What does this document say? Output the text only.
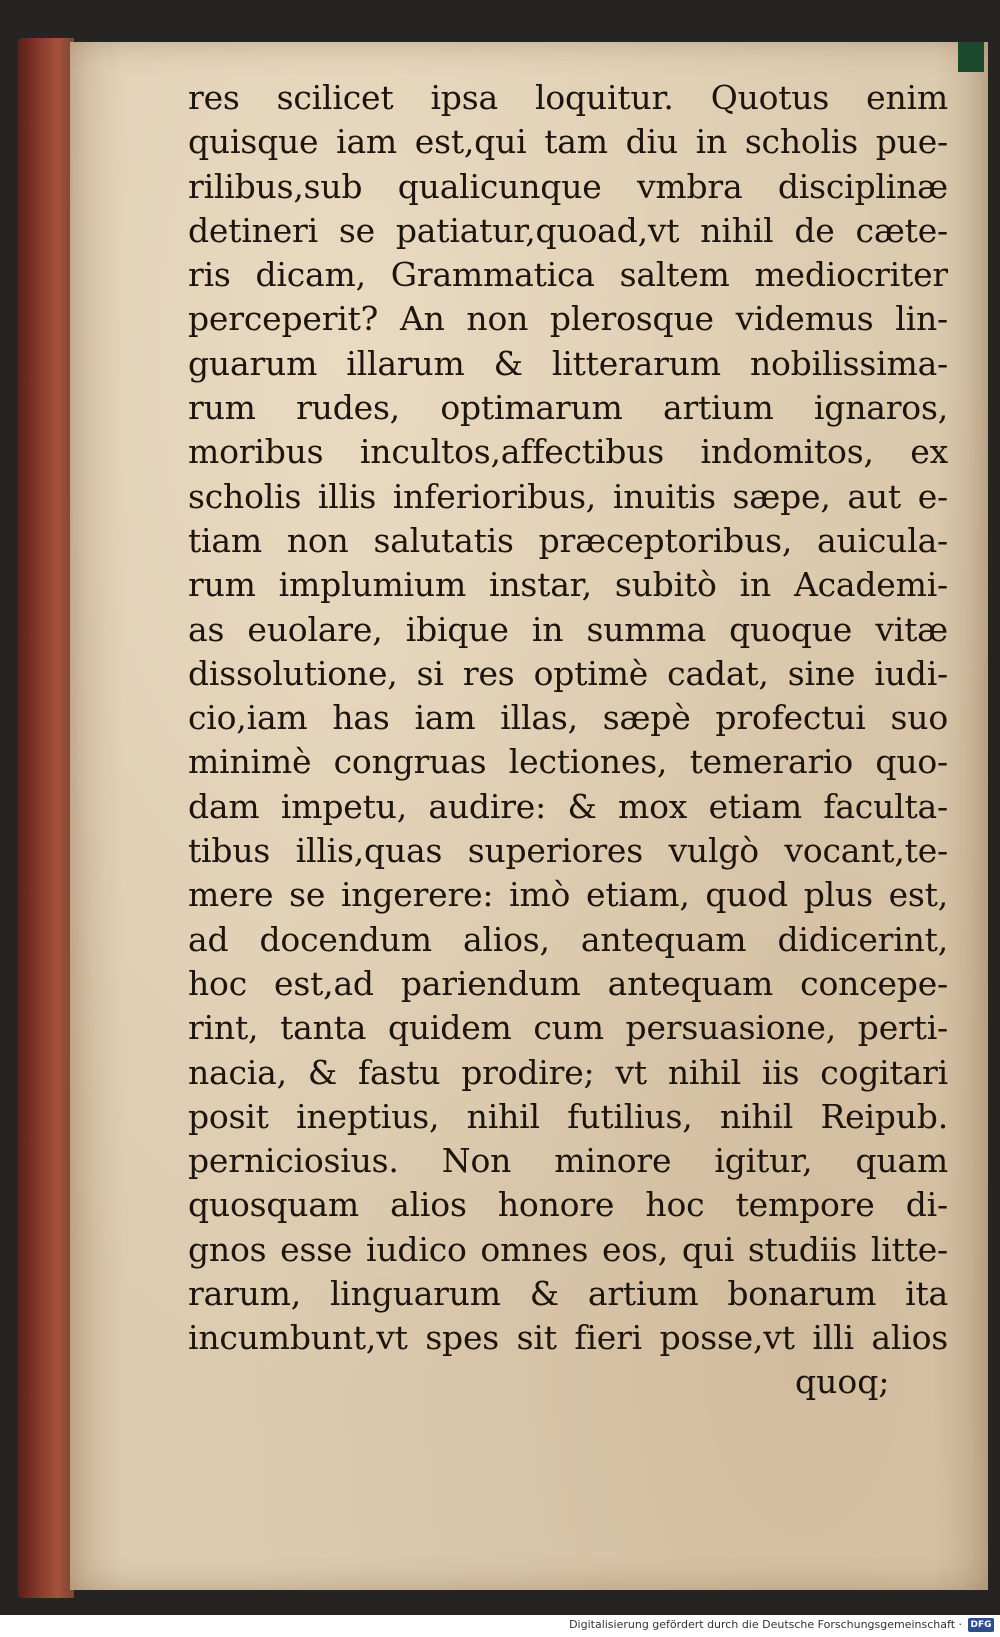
res scilicet ipsa loquitur. Quotus enim
quisque iam est,qui tam diu in scholis pue-
rilibus,sub qualicunque vmbra disciplinæ
detineri se patiatur,quoad,vt nihil de cæte-
ris dicam, Grammatica saltem mediocriter
perceperit? An non plerosque videmus lin-
guarum illarum & litterarum nobilissima-
rum rudes, optimarum artium ignaros,
moribus incultos,affectibus indomitos, ex
scholis illis inferioribus, inuitis sæpe, aut e-
tiam non salutatis præceptoribus, auicula-
rum implumium instar, subitò in Academi-
as euolare, ibique in summa quoque vitæ
dissolutione, si res optimè cadat, sine iudi-
cio,iam has iam illas, sæpè profectui suo
minimè congruas lectiones, temerario quo-
dam impetu, audire: & mox etiam faculta-
tibus illis,quas superiores vulgò vocant,te-
mere se ingerere: imò etiam, quod plus est,
ad docendum alios, antequam didicerint,
hoc est,ad pariendum antequam concepe-
rint, tanta quidem cum persuasione, perti-
nacia, & fastu prodire; vt nihil iis cogitari
posit ineptius, nihil futilius, nihil Reipub.
perniciosius. Non minore igitur, quam
quosquam alios honore hoc tempore di-
gnos esse iudico omnes eos, qui studiis litte-
rarum, linguarum & artium bonarum ita
incumbunt,vt spes sit fieri posse,vt illi alios
quoq;
Digitalisierung gefördert durch die Deutsche Forschungsgemeinschaft · DFG
